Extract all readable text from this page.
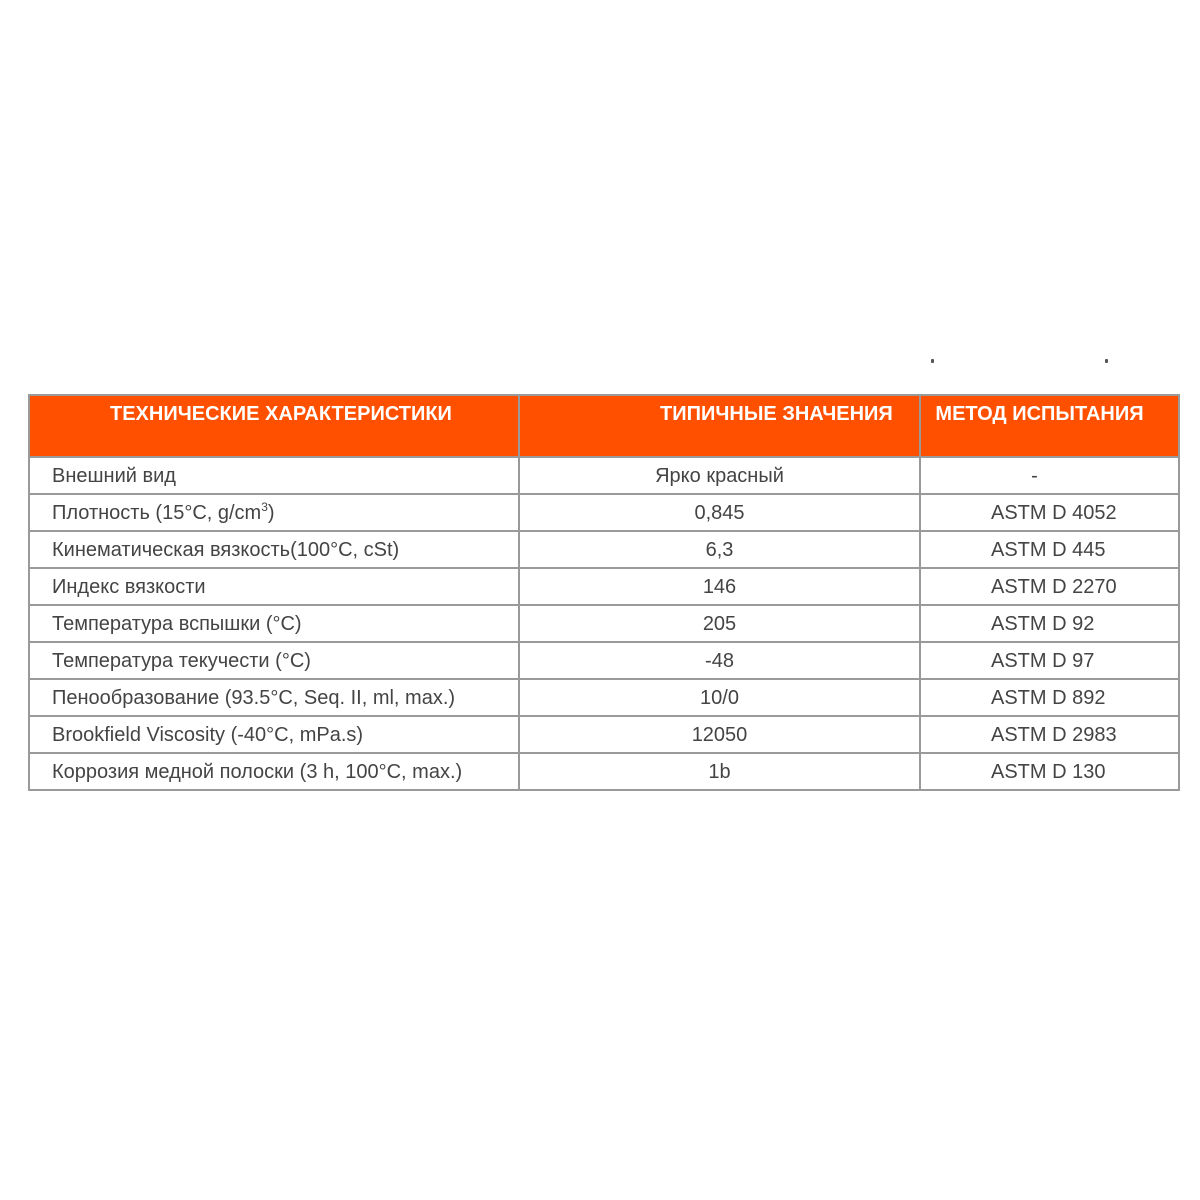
ТЕХНИЧЕСКИЕ ХАРАКТЕРИСТИКИ	ТИПИЧНЫЕ ЗНАЧЕНИЯ	МЕТОД ИСПЫТАНИЯ

Внешний вид	Ярко красный	-

Плотность (15°C, $g/cm^3$)	0,845	ASTM D 4052

Кинематическая вязкость(100°C, cSt)	6,3	ASTM D 445

Индекс вязкости	146	ASTM D 2270

Температура вспышки (°C)	205	ASTM D 92

Температура текучести (°C)	-48	ASTM D 97

Пенообразование (93.5°C, Seq. II, ml, max.)	10/0	ASTM D 892

Brookfield Viscosity (-40°C, mPa.s)	12050	ASTM D 2983

Коррозия медной полоски (3 h, 100°C, max.)	1b	ASTM D 130
